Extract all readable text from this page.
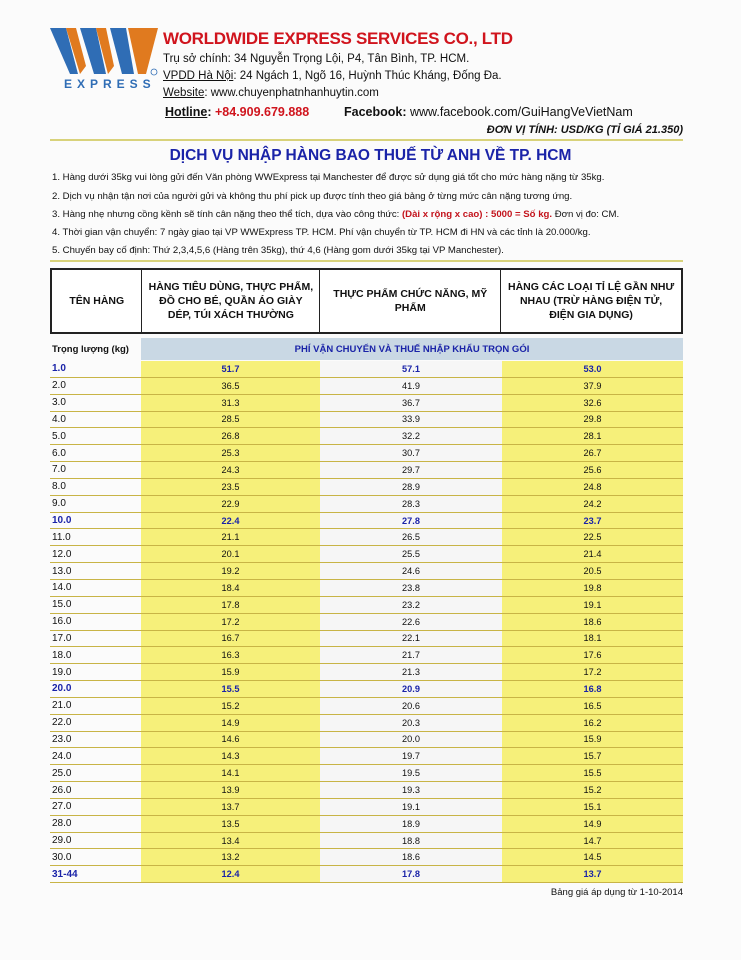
EXPRESS
WORLDWIDE EXPRESS SERVICES CO., LTD
Trụ sở chính: 34 Nguyễn Trọng Lội, P4, Tân Bình, TP. HCM.
VPDD Hà Nội: 24 Ngách 1, Ngõ 16, Huỳnh Thúc Kháng, Đống Đa.
Website: www.chuyenphatnhanhuytin.com
Hotline: +84.909.679.888	Facebook: www.facebook.com/GuiHangVeVietNam
ĐƠN VỊ TÍNH: USD/KG (TỈ GIÁ 21.350)
DỊCH VỤ NHẬP HÀNG BAO THUẾ TỪ ANH VỀ TP. HCM
1. Hàng dưới 35kg vui lòng gửi đến Văn phòng WWExpress tại Manchester để được sử dụng giá tốt cho mức hàng nặng từ 35kg.
2. Dịch vụ nhận tận nơi của người gửi và không thu phí pick up được tính theo giá bảng ở từng mức cân nặng tương ứng.
3. Hàng nhẹ nhưng cồng kềnh sẽ tính cân nặng theo thể tích, dựa vào công thức: (Dài x rộng x cao) : 5000 = Số kg. Đơn vị đo: CM.
4. Thời gian vận chuyển: 7 ngày giao tại VP WWExpress TP. HCM. Phí vận chuyển từ TP. HCM đi HN và các tỉnh là 20.000/kg.
5. Chuyến bay cố định: Thứ 2,3,4,5,6 (Hàng trên 35kg), thứ 4,6 (Hàng gom dưới 35kg tại VP Manchester).
TÊN HÀNG
HÀNG TIÊU DÙNG, THỰC PHẨM, ĐỒ CHO BÉ, QUẦN ÁO GIÀY DÉP, TÚI XÁCH THƯỜNG
THỰC PHẨM CHỨC NĂNG, MỸ PHẨM
HÀNG CÁC LOẠI TỈ LỆ GẦN NHƯ NHAU (TRỪ HÀNG ĐIỆN TỬ, ĐIỆN GIA DỤNG)
Trọng lượng (kg)	PHÍ VẬN CHUYỂN VÀ THUẾ NHẬP KHẨU TRỌN GÓI
1.0	51.7	57.1	53.0
2.0	36.5	41.9	37.9
3.0	31.3	36.7	32.6
4.0	28.5	33.9	29.8
5.0	26.8	32.2	28.1
6.0	25.3	30.7	26.7
7.0	24.3	29.7	25.6
8.0	23.5	28.9	24.8
9.0	22.9	28.3	24.2
10.0	22.4	27.8	23.7
11.0	21.1	26.5	22.5
12.0	20.1	25.5	21.4
13.0	19.2	24.6	20.5
14.0	18.4	23.8	19.8
15.0	17.8	23.2	19.1
16.0	17.2	22.6	18.6
17.0	16.7	22.1	18.1
18.0	16.3	21.7	17.6
19.0	15.9	21.3	17.2
20.0	15.5	20.9	16.8
21.0	15.2	20.6	16.5
22.0	14.9	20.3	16.2
23.0	14.6	20.0	15.9
24.0	14.3	19.7	15.7
25.0	14.1	19.5	15.5
26.0	13.9	19.3	15.2
27.0	13.7	19.1	15.1
28.0	13.5	18.9	14.9
29.0	13.4	18.8	14.7
30.0	13.2	18.6	14.5
31-44	12.4	17.8	13.7
Bảng giá áp dụng từ 1-10-2014
